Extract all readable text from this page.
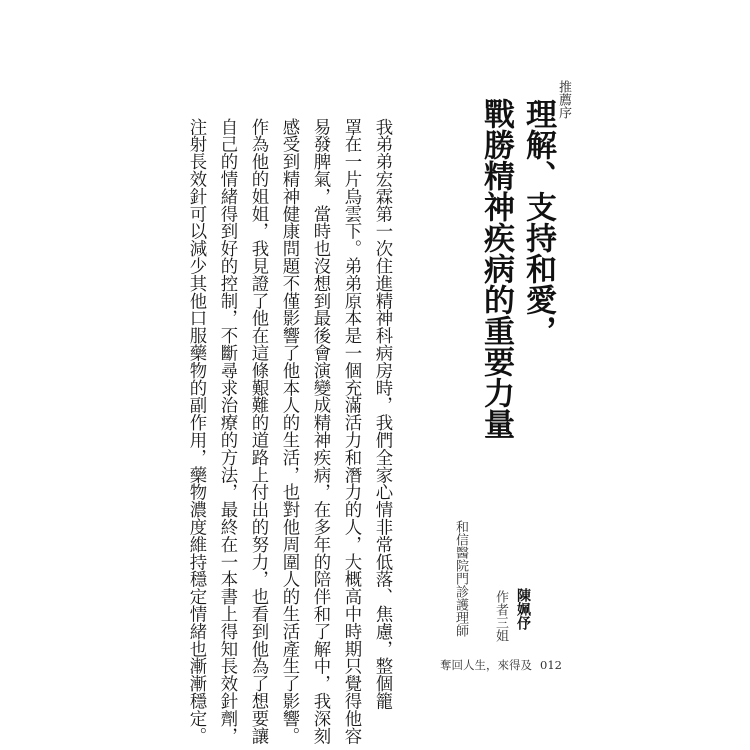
推薦序
理解、支持和愛，
戰勝精神疾病的重要力量
陳姵伃
作者三姐
和信醫院門診護理師
我弟弟宏霖第一次住進精神科病房時，我們全家心情非常低落、焦慮，整個籠
罩在一片烏雲下。弟弟原本是一個充滿活力和潛力的人，大概高中時期只覺得他容
易發脾氣，當時也沒想到最後會演變成精神疾病，在多年的陪伴和了解中，我深刻
感受到精神健康問題不僅影響了他本人的生活，也對他周圍人的生活產生了影響。
作為他的姐姐，我見證了他在這條艱難的道路上付出的努力，也看到他為了想要讓
自己的情緒得到好的控制，不斷尋求治療的方法，最終在一本書上得知長效針劑，
注射長效針可以減少其他口服藥物的副作用，藥物濃度維持穩定情緒也漸漸穩定。	奪回人生，來得及 012
